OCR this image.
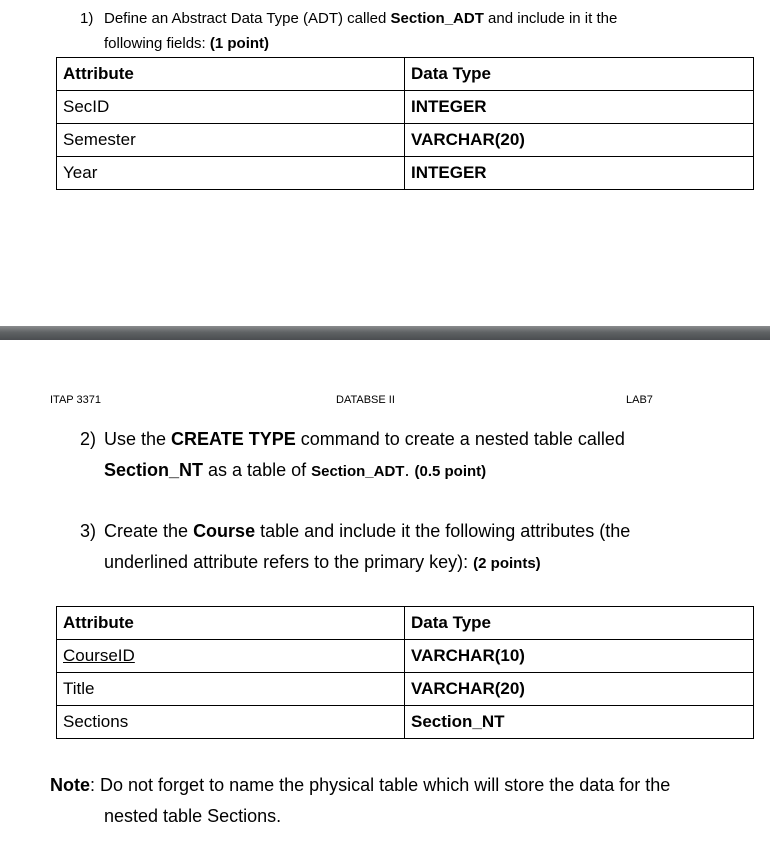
1) Define an Abstract Data Type (ADT) called Section_ADT and include in it the
following fields: (1 point)
Attribute	Data Type
SecID	INTEGER
Semester	VARCHAR(20)
Year	INTEGER
ITAP 3371	DATABSE II	LAB7
2) Use the CREATE TYPE command to create a nested table called
Section_NT as a table of Section_ADT. (0.5 point)
3) Create the Course table and include it the following attributes (the
underlined attribute refers to the primary key): (2 points)
Attribute	Data Type
CourseID	VARCHAR(10)
Title	VARCHAR(20)
Sections	Section_NT
Note: Do not forget to name the physical table which will store the data for the

nested table Sections.
